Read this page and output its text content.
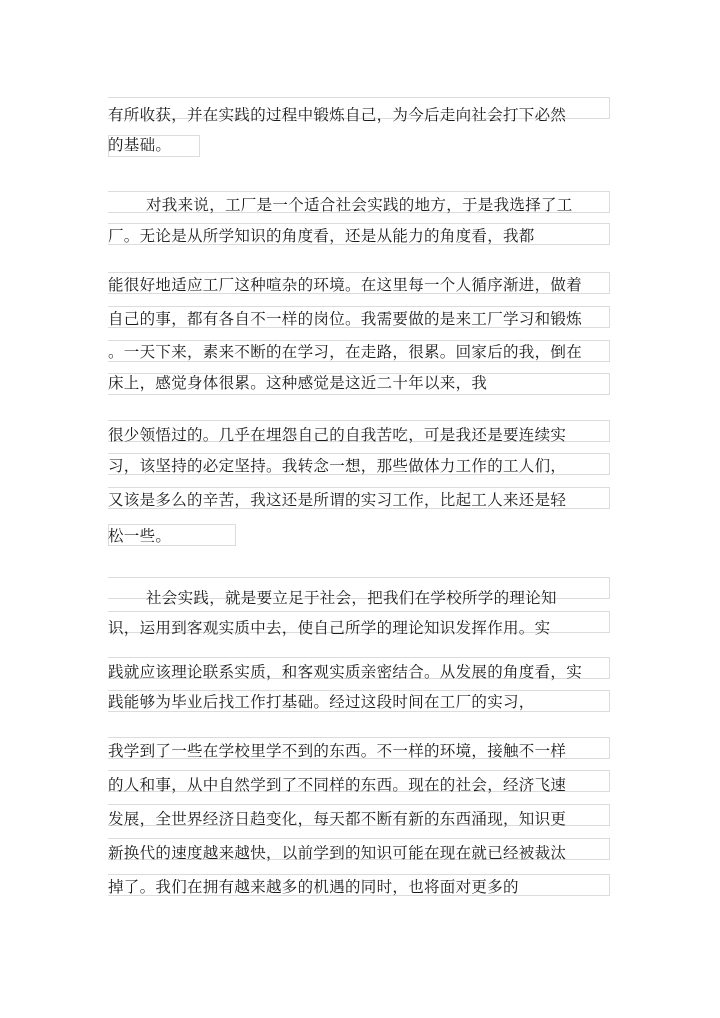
有所收获，并在实践的过程中锻炼自己，为今后走向社会打下必然
的基础。
对我来说，工厂是一个适合社会实践的地方，于是我选择了工
厂。无论是从所学知识的角度看，还是从能力的角度看，我都
能很好地适应工厂这种喧杂的环境。在这里每一个人循序渐进，做着
自己的事，都有各自不一样的岗位。我需要做的是来工厂学习和锻炼
。一天下来，素来不断的在学习，在走路，很累。回家后的我，倒在
床上，感觉身体很累。这种感觉是这近二十年以来，我
很少领悟过的。几乎在埋怨自己的自我苦吃，可是我还是要连续实
习，该坚持的必定坚持。我转念一想，那些做体力工作的工人们，
又该是多么的辛苦，我这还是所谓的实习工作，比起工人来还是轻
松一些。
社会实践，就是要立足于社会，把我们在学校所学的理论知
识，运用到客观实质中去，使自己所学的理论知识发挥作用。实
践就应该理论联系实质，和客观实质亲密结合。从发展的角度看，实
践能够为毕业后找工作打基础。经过这段时间在工厂的实习，
我学到了一些在学校里学不到的东西。不一样的环境，接触不一样
的人和事，从中自然学到了不同样的东西。现在的社会，经济飞速
发展，全世界经济日趋变化，每天都不断有新的东西涌现，知识更
新换代的速度越来越快，以前学到的知识可能在现在就已经被裁汰
掉了。我们在拥有越来越多的机遇的同时，也将面对更多的
